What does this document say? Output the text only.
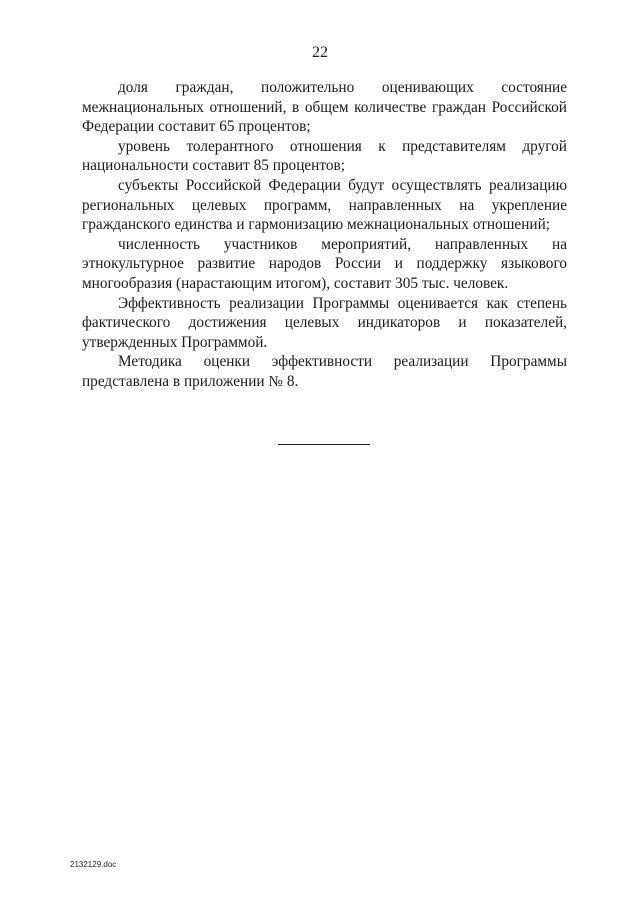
22

доля граждан, положительно оценивающих состояние межнациональных отношений, в общем количестве граждан Российской Федерации составит 65 процентов;

уровень толерантного отношения к представителям другой национальности составит 85 процентов;

субъекты Российской Федерации будут осуществлять реализацию региональных целевых программ, направленных на укрепление гражданского единства и гармонизацию межнациональных отношений;

численность участников мероприятий, направленных на этнокультурное развитие народов России и поддержку языкового многообразия (нарастающим итогом), составит 305 тыс. человек.

Эффективность реализации Программы оценивается как степень фактического достижения целевых индикаторов и показателей, утвержденных Программой.

Методика оценки эффективности реализации Программы представлена в приложении № 8.

2132129.doc
